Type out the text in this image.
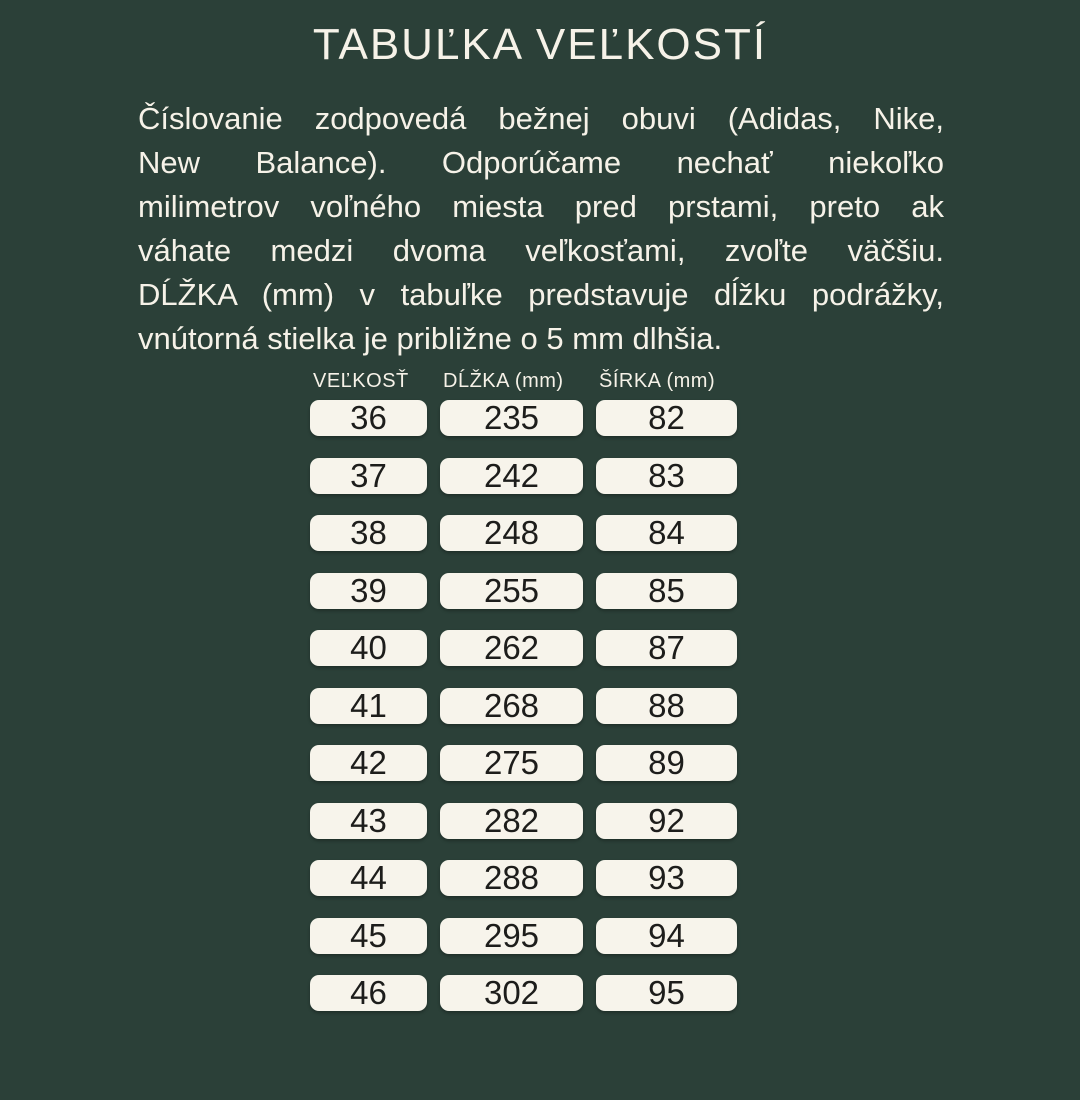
TABUĽKA VEĽKOSTÍ
Číslovanie zodpovedá bežnej obuvi (Adidas, Nike,
New Balance). Odporúčame nechať niekoľko
milimetrov voľného miesta pred prstami, preto ak
váhate medzi dvoma veľkosťami, zvoľte väčšiu.
DĹŽKA (mm) v tabuľke predstavuje dĺžku podrážky,
vnútorná stielka je približne o 5 mm dlhšia.
VEĽKOSŤ	DĹŽKA (mm)	ŠÍRKA (mm)
36	235	82
37	242	83
38	248	84
39	255	85
40	262	87
41	268	88
42	275	89
43	282	92
44	288	93
45	295	94
46	302	95
